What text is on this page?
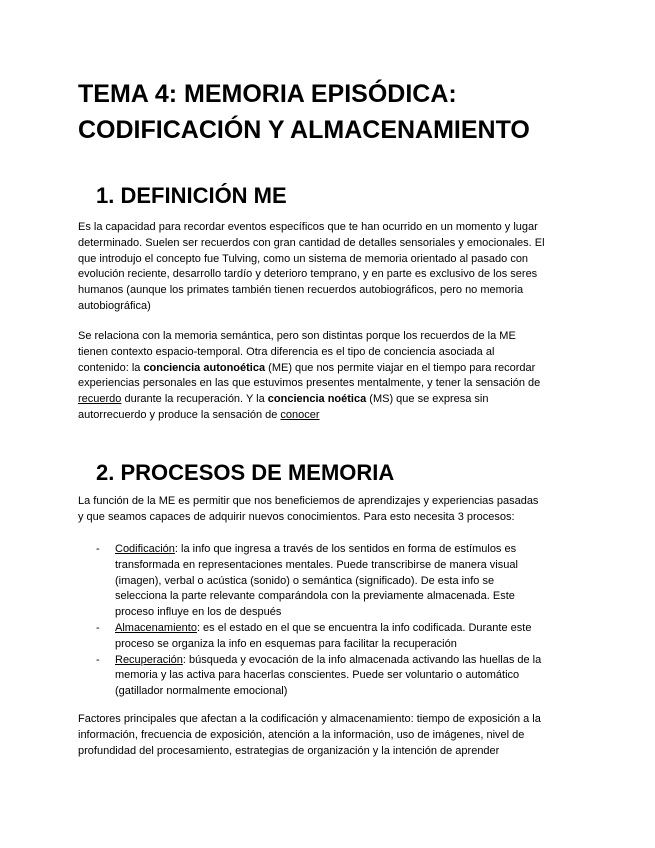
TEMA 4: MEMORIA EPISÓDICA:
CODIFICACIÓN Y ALMACENAMIENTO
1. DEFINICIÓN ME

Es la capacidad para recordar eventos específicos que te han ocurrido en un momento y lugar
determinado. Suelen ser recuerdos con gran cantidad de detalles sensoriales y emocionales. El
que introdujo el concepto fue Tulving, como un sistema de memoria orientado al pasado con
evolución reciente, desarrollo tardío y deterioro temprano, y en parte es exclusivo de los seres
humanos (aunque los primates también tienen recuerdos autobiográficos, pero no memoria
autobiográfica)

Se relaciona con la memoria semántica, pero son distintas porque los recuerdos de la ME
tienen contexto espacio-temporal. Otra diferencia es el tipo de conciencia asociada al
contenido: la conciencia autonoética (ME) que nos permite viajar en el tiempo para recordar
experiencias personales en las que estuvimos presentes mentalmente, y tener la sensación de
recuerdo durante la recuperación. Y la conciencia noética (MS) que se expresa sin
autorrecuerdo y produce la sensación de conocer

2. PROCESOS DE MEMORIA

La función de la ME es permitir que nos beneficiemos de aprendizajes y experiencias pasadas
y que seamos capaces de adquirir nuevos conocimientos. Para esto necesita 3 procesos:

- Codificación: la info que ingresa a través de los sentidos en forma de estímulos es
transformada en representaciones mentales. Puede transcribirse de manera visual
(imagen), verbal o acústica (sonido) o semántica (significado). De esta info se
selecciona la parte relevante comparándola con la previamente almacenada. Este
proceso influye en los de después
- Almacenamiento: es el estado en el que se encuentra la info codificada. Durante este
proceso se organiza la info en esquemas para facilitar la recuperación
- Recuperación: búsqueda y evocación de la info almacenada activando las huellas de la
memoria y las activa para hacerlas conscientes. Puede ser voluntario o automático
(gatillador normalmente emocional)

Factores principales que afectan a la codificación y almacenamiento: tiempo de exposición a la
información, frecuencia de exposición, atención a la información, uso de imágenes, nivel de
profundidad del procesamiento, estrategias de organización y la intención de aprender
